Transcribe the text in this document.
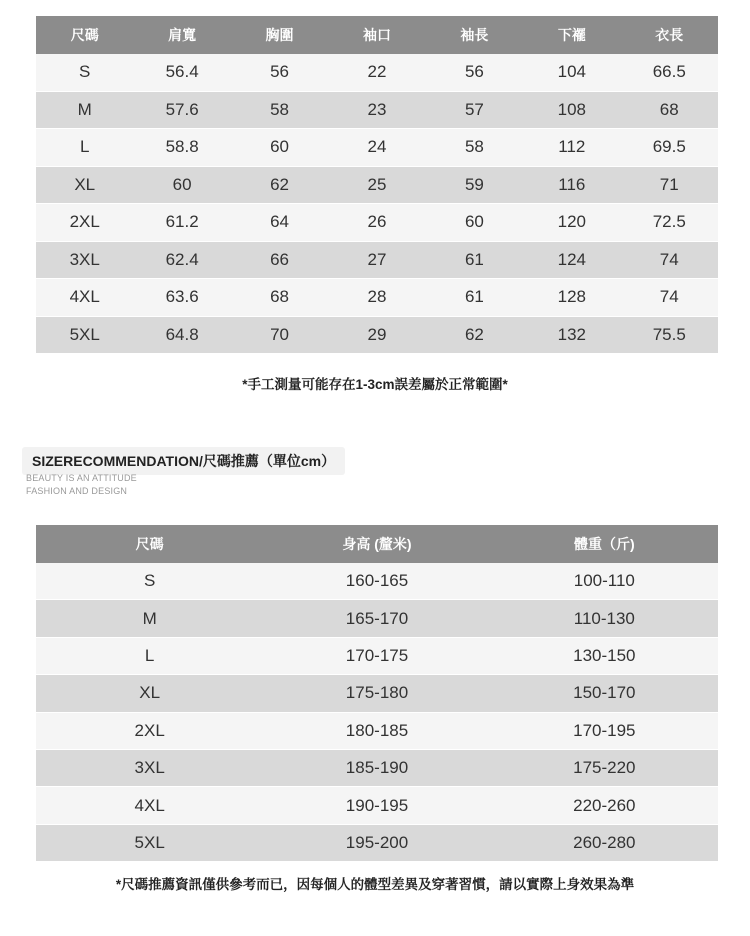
尺碼	肩寬	胸圍	袖口	袖長	下襬	衣長
S	56.4	56	22	56	104	66.5
M	57.6	58	23	57	108	68
L	58.8	60	24	58	112	69.5
XL	60	62	25	59	116	71
2XL	61.2	64	26	60	120	72.5
3XL	62.4	66	27	61	124	74
4XL	63.6	68	28	61	128	74
5XL	64.8	70	29	62	132	75.5
*手工測量可能存在1-3cm誤差屬於正常範圍*
SIZERECOMMENDATION/尺碼推薦（單位cm）
BEAUTY IS AN ATTITUDE
FASHION AND DESIGN
尺碼	身高 (釐米)	體重（斤)
S	160-165	100-110
M	165-170	110-130
L	170-175	130-150
XL	175-180	150-170
2XL	180-185	170-195
3XL	185-190	175-220
4XL	190-195	220-260
5XL	195-200	260-280
*尺碼推薦資訊僅供參考而已，因每個人的體型差異及穿著習慣，請以實際上身效果為準
